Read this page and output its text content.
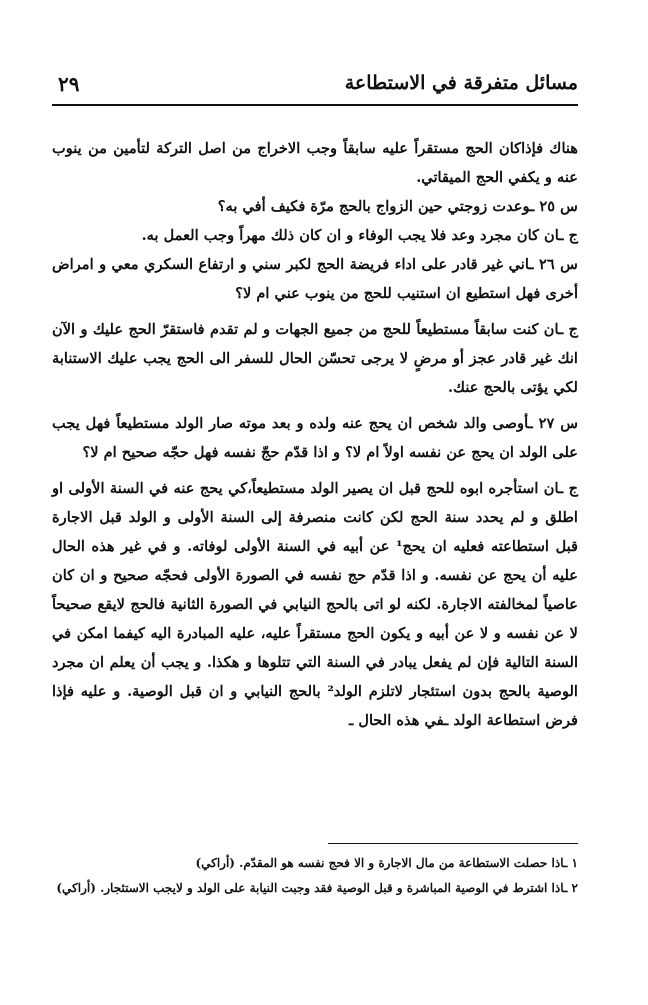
مسائل متفرقة في الاستطاعة
٢٩

هناك فإذاكان الحج مستقراً عليه سابقاً وجب الاخراج من اصل التركة لتأمين من ينوب عنه و يكفي الحج الميقاتي.

س ٢٥ ـوعدت زوجتي حين الزواج بالحج مرّة فكيف أفي به؟

ج ـان كان مجرد وعد فلا يجب الوفاء و ان كان ذلك مهراً وجب العمل به.

س ٢٦ ـاني غير قادر على اداء فريضة الحج لكبر سني و ارتفاع السكري معي و امراض أخرى فهل استطيع ان استنيب للحج من ينوب عني ام لا؟

ج ـان كنت سابقاً مستطيعاً للحج من جميع الجهات و لم تقدم فاستقرّ الحج عليك و الآن انك غير قادر عجز أو مرضٍ لا يرجى تحسّن الحال للسفر الى الحج يجب عليك الاستنابة لكي يؤتى بالحج عنك.

س ٢٧ ـأوصى والد شخص ان يحج عنه ولده و بعد موته صار الولد مستطيعاً فهل يجب على الولد ان يحج عن نفسه اولاً ام لا؟ و اذا قدّم حجّ نفسه فهل حجّه صحيح ام لا؟

ج ـان استأجره ابوه للحج قبل ان يصير الولد مستطيعاً،كي يحج عنه في السنة الأولى او اطلق و لم يحدد سنة الحج لكن كانت منصرفة إلى السنة الأولى و الولد قبل الاجارة قبل استطاعته فعليه ان يحج¹ عن أبيه في السنة الأولى لوفاته. و في غير هذه الحال عليه أن يحج عن نفسه. و اذا قدّم حج نفسه في الصورة الأولى فحجّه صحيح و ان كان عاصياً لمخالفته الاجارة. لكنه لو اتى بالحج النيابي في الصورة الثانية فالحج لايقع صحيحاً لا عن نفسه و لا عن أبيه و يكون الحج مستقراً عليه، عليه المبادرة اليه كيفما امكن في السنة التالية فإن لم يفعل يبادر في السنة التي تتلوها و هكذا. و يجب أن يعلم ان مجرد الوصية بالحج بدون استئجار لاتلزم الولد² بالحج النيابي و ان قبل الوصية. و عليه فإذا فرض استطاعة الولد ـفي هذه الحال ـ

١ ـاذا حصلت الاستطاعة من مال الاجارة و الا فحج نفسه هو المقدّم. (أراكي)

٢ ـاذا اشترط في الوصية المباشرة و قبل الوصية فقد وجبت النيابة على الولد و لايجب الاستئجار. (أراكي)
